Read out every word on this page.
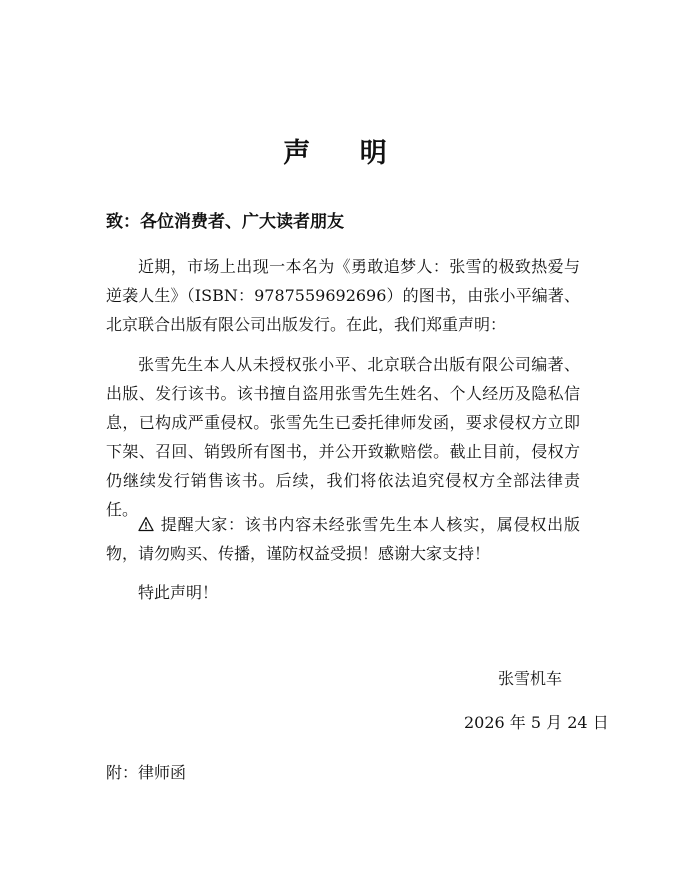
声 明
致：各位消费者、广大读者朋友
近期，市场上出现一本名为《勇敢追梦人：张雪的极致热爱与逆袭人生》（ISBN：9787559692696）的图书，由张小平编著、北京联合出版有限公司出版发行。在此，我们郑重声明：
张雪先生本人从未授权张小平、北京联合出版有限公司编著、出版、发行该书。该书擅自盗用张雪先生姓名、个人经历及隐私信息，已构成严重侵权。张雪先生已委托律师发函，要求侵权方立即下架、召回、销毁所有图书，并公开致歉赔偿。截止目前，侵权方仍继续发行销售该书。后续，我们将依法追究侵权方全部法律责任。
提醒大家：该书内容未经张雪先生本人核实，属侵权出版物，请勿购买、传播，谨防权益受损！感谢大家支持！
特此声明！
张雪机车
2026 年 5 月 24 日
附：律师函
